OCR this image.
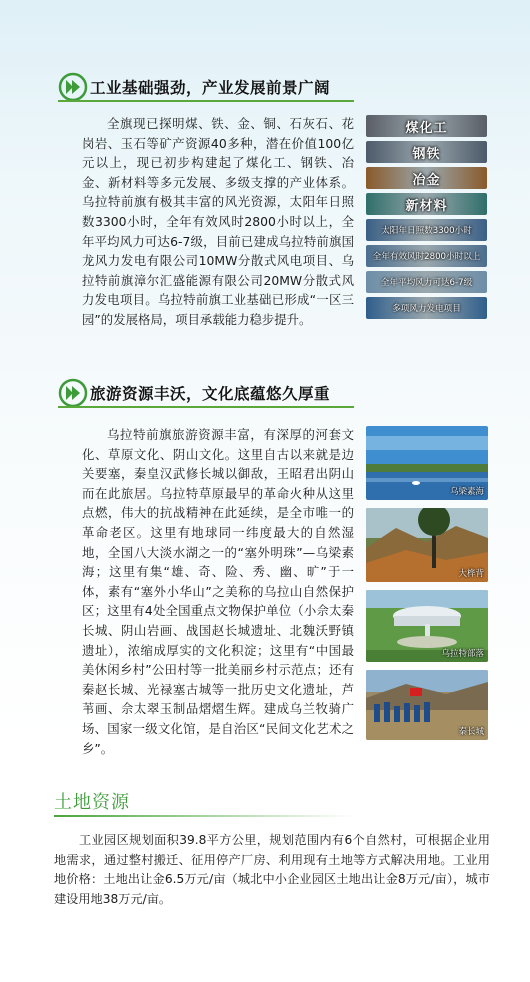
工业基础强劲，产业发展前景广阔

全旗现已探明煤、铁、金、铜、石灰石、花岗岩、玉石等矿产资源40多种，潜在价值100亿元以上，现已初步构建起了煤化工、钢铁、冶金、新材料等多元发展、多级支撑的产业体系。乌拉特前旗有极其丰富的风光资源，太阳年日照数3300小时，全年有效风时2800小时以上，全年平均风力可达6-7级，目前已建成乌拉特前旗国龙风力发电有限公司10MW分散式风电项目、乌拉特前旗漳尔汇盛能源有限公司20MW分散式风力发电项目。乌拉特前旗工业基础已形成“一区三园”的发展格局，项目承载能力稳步提升。

煤化工
钢铁
冶金
新材料
太阳年日照数3300小时
全年有效风时2800小时以上
全年平均风力可达6-7级
多项风力发电项目
旅游资源丰沃，文化底蕴悠久厚重

乌拉特前旗旅游资源丰富，有深厚的河套文化、草原文化、阴山文化。这里自古以来就是边关要塞，秦皇汉武修长城以御敌，王昭君出阴山而在此旅居。乌拉特草原最早的革命火种从这里点燃，伟大的抗战精神在此延续，是全市唯一的革命老区。这里有地球同一纬度最大的自然湿地，全国八大淡水湖之一的“塞外明珠”—乌梁素海；这里有集“雄、奇、险、秀、幽、旷”于一体，素有“塞外小华山”之美称的乌拉山自然保护区；这里有4处全国重点文物保护单位（小佘太秦长城、阴山岩画、战国赵长城遗址、北魏沃野镇遗址），浓缩成厚实的文化积淀；这里有“中国最美休闲乡村”公田村等一批美丽乡村示范点；还有秦赵长城、光禄塞古城等一批历史文化遗址，芦苇画、佘太翠玉制品熠熠生辉。建成乌兰牧骑广场、国家一级文化馆，是自治区“民间文化艺术之乡”。

乌梁素海
大桦背
乌拉特部落
秦长城
土地资源

工业园区规划面积39.8平方公里，规划范围内有6个自然村，可根据企业用地需求，通过整村搬迁、征用停产厂房、利用现有土地等方式解决用地。工业用地价格：土地出让金6.5万元/亩（城北中小企业园区土地出让金8万元/亩），城市建设用地38万元/亩。
